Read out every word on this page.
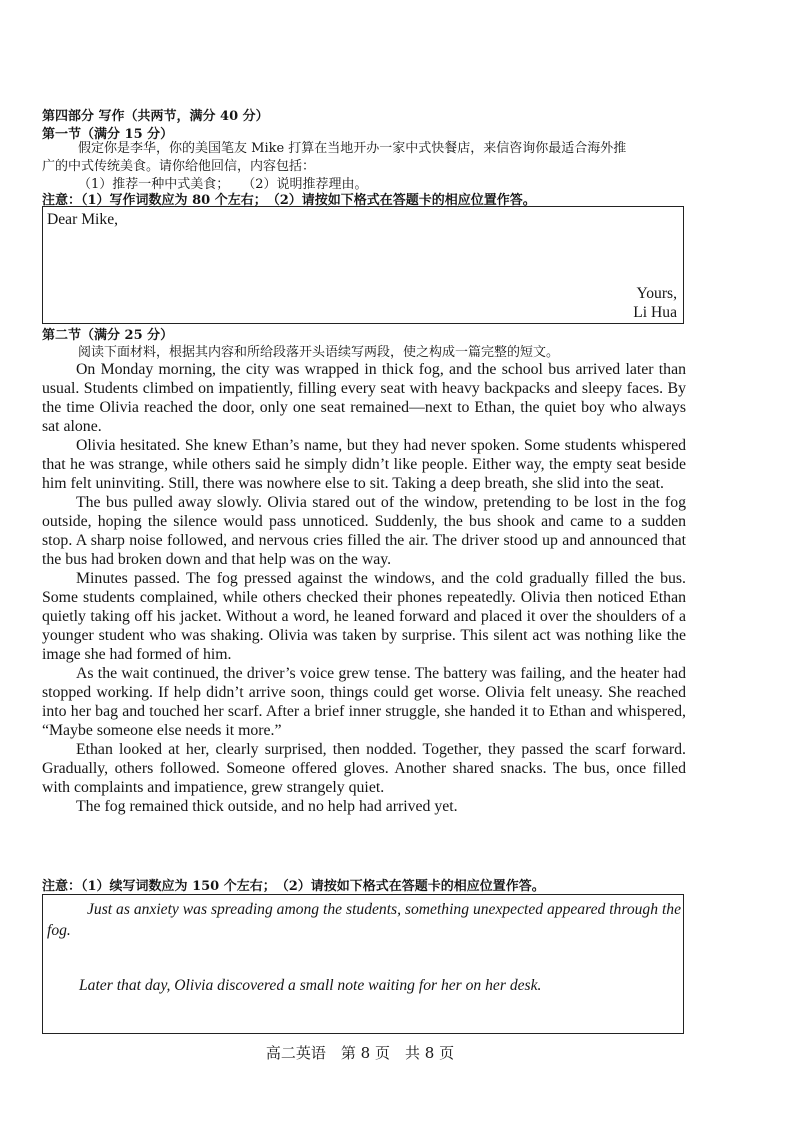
第四部分 写作（共两节，满分 40 分）
第一节（满分 15 分）
假定你是李华，你的美国笔友 Mike 打算在当地开办一家中式快餐店，来信咨询你最适合海外推
广的中式传统美食。请你给他回信，内容包括：
（1）推荐一种中式美食；　　（2）说明推荐理由。
注意：（1）写作词数应为 80 个左右；　（2）请按如下格式在答题卡的相应位置作答。
Dear Mike,
Yours,
Li Hua
第二节（满分 25 分）
阅读下面材料，根据其内容和所给段落开头语续写两段，使之构成一篇完整的短文。

On Monday morning, the city was wrapped in thick fog, and the school bus arrived later than usual. Students climbed on impatiently, filling every seat with heavy backpacks and sleepy faces. By the time Olivia reached the door, only one seat remained—next to Ethan, the quiet boy who always sat alone.

Olivia hesitated. She knew Ethan’s name, but they had never spoken. Some students whispered that he was strange, while others said he simply didn’t like people. Either way, the empty seat beside him felt uninviting. Still, there was nowhere else to sit. Taking a deep breath, she slid into the seat.

The bus pulled away slowly. Olivia stared out of the window, pretending to be lost in the fog outside, hoping the silence would pass unnoticed. Suddenly, the bus shook and came to a sudden stop. A sharp noise followed, and nervous cries filled the air. The driver stood up and announced that the bus had broken down and that help was on the way.

Minutes passed. The fog pressed against the windows, and the cold gradually filled the bus. Some students complained, while others checked their phones repeatedly. Olivia then noticed Ethan quietly taking off his jacket. Without a word, he leaned forward and placed it over the shoulders of a younger student who was shaking. Olivia was taken by surprise. This silent act was nothing like the image she had formed of him.

As the wait continued, the driver’s voice grew tense. The battery was failing, and the heater had stopped working. If help didn’t arrive soon, things could get worse. Olivia felt uneasy. She reached into her bag and touched her scarf. After a brief inner struggle, she handed it to Ethan and whispered, “Maybe someone else needs it more.”

Ethan looked at her, clearly surprised, then nodded. Together, they passed the scarf forward. Gradually, others followed. Someone offered gloves. Another shared snacks. The bus, once filled with complaints and impatience, grew strangely quiet.

The fog remained thick outside, and no help had arrived yet.

注意：（1）续写词数应为 150 个左右；　（2）请按如下格式在答题卡的相应位置作答。
Just as anxiety was spreading among the students, something unexpected appeared through the fog.
Later that day, Olivia discovered a small note waiting for her on her desk.
高二英语　第 8 页　共 8 页
